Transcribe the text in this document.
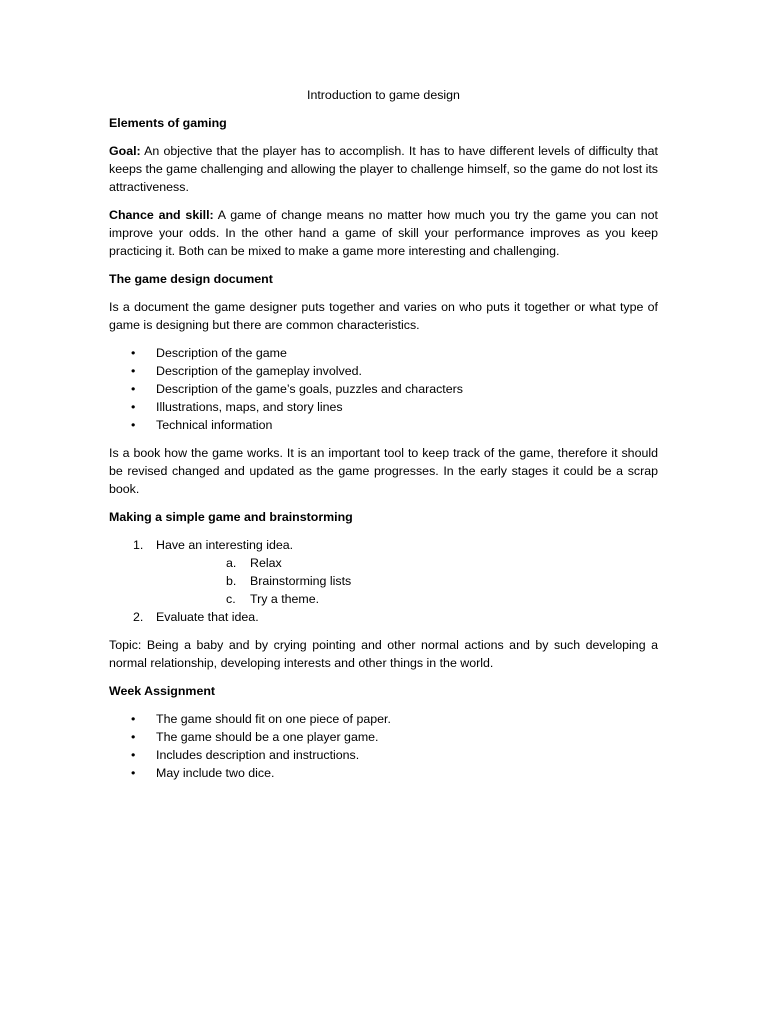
Introduction to game design
Elements of gaming

Goal: An objective that the player has to accomplish. It has to have different levels of difficulty that keeps the game challenging and allowing the player to challenge himself, so the game do not lost its attractiveness.

Chance and skill: A game of change means no matter how much you try the game you can not improve your odds. In the other hand a game of skill your performance improves as you keep practicing it. Both can be mixed to make a game more interesting and challenging.

The game design document

Is a document the game designer puts together and varies on who puts it together or what type of game is designing but there are common characteristics.

• Description of the game
• Description of the gameplay involved.
• Description of the game’s goals, puzzles and characters
• Illustrations, maps, and story lines
• Technical information

Is a book how the game works. It is an important tool to keep track of the game, therefore it should be revised changed and updated as the game progresses. In the early stages it could be a scrap book.

Making a simple game and brainstorming
1. Have an interesting idea.
a. Relax
b. Brainstorming lists
c. Try a theme.
2. Evaluate that idea.

Topic: Being a baby and by crying pointing and other normal actions and by such developing a normal relationship, developing interests and other things in the world.

Week Assignment
• The game should fit on one piece of paper.
• The game should be a one player game.
• Includes description and instructions.
• May include two dice.
